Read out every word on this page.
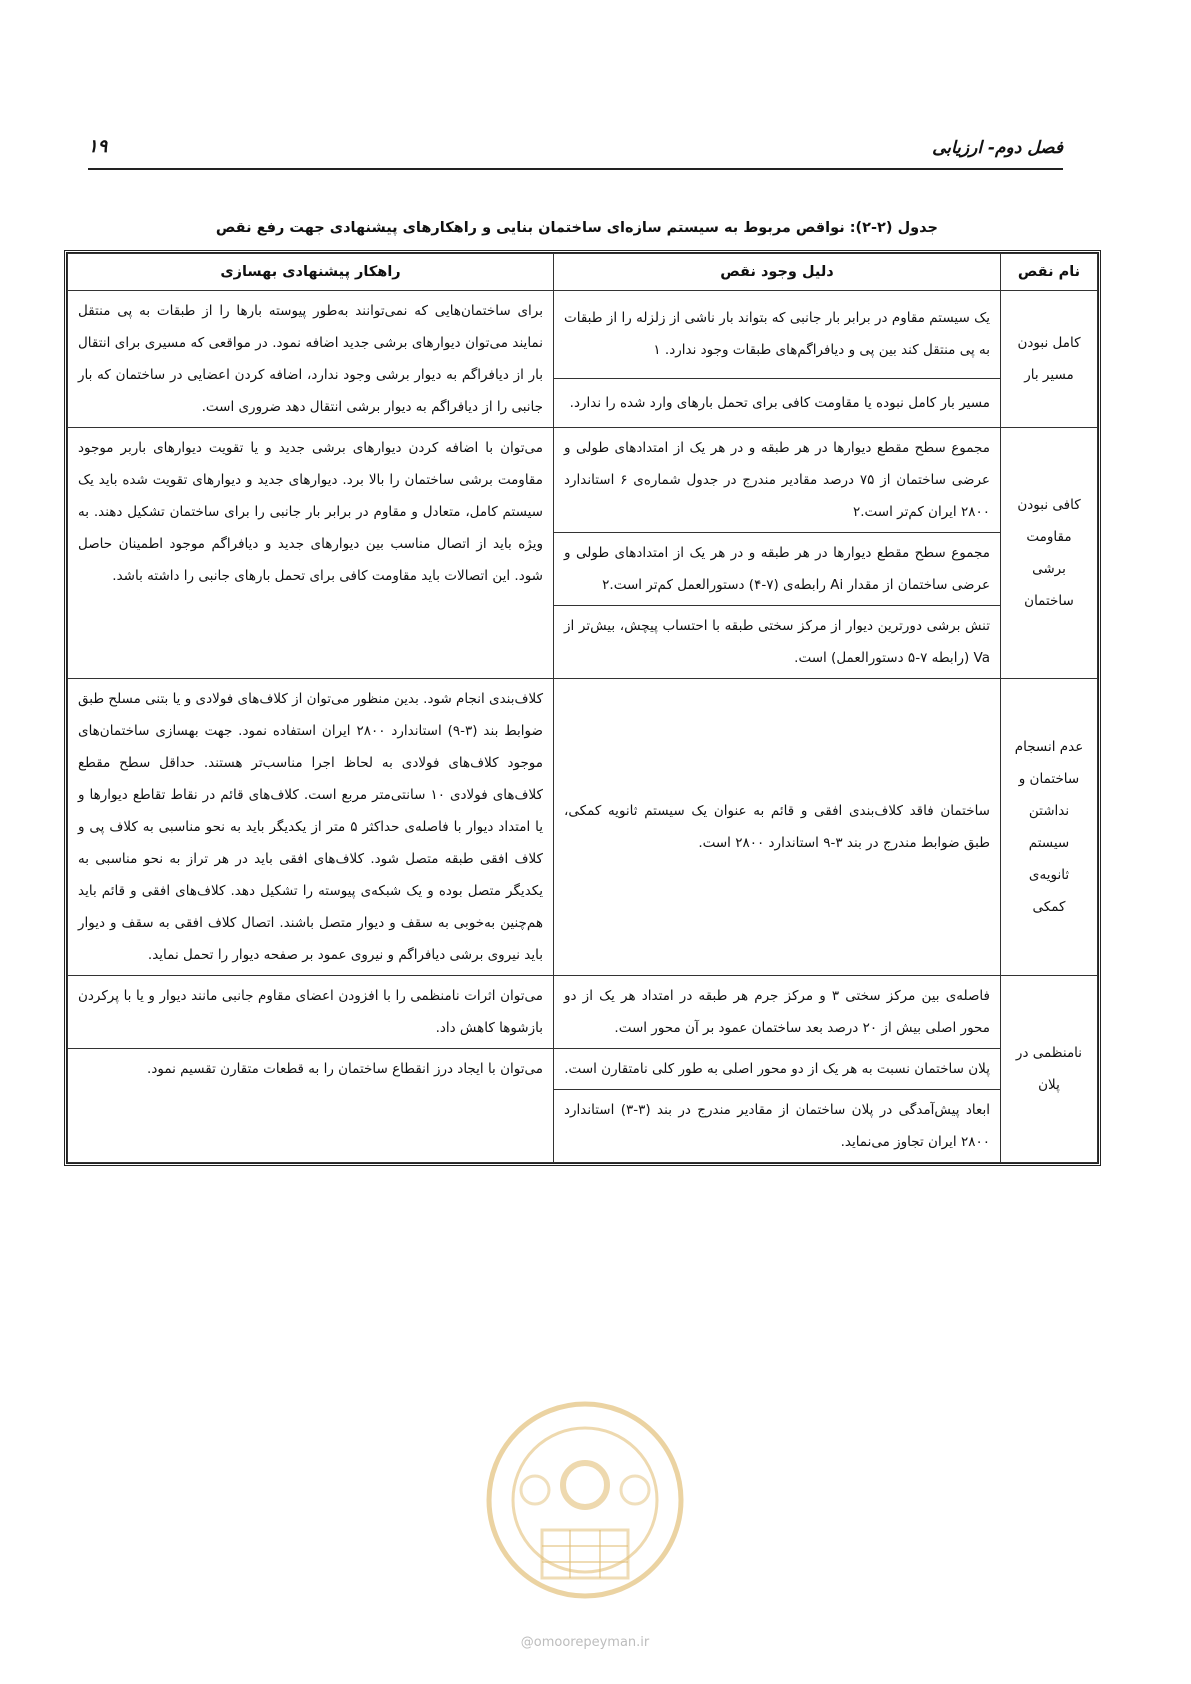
فصل دوم- ارزیابی
۱۹
جدول (۲-۲): نواقص مربوط به سیستم سازه‌ای ساختمان بنایی و راهکارهای پیشنهادی جهت رفع نقص
نام نقص	دلیل وجود نقص	راهکار پیشنهادی بهسازی
کامل نبودن مسیر بار	یک سیستم مقاوم در برابر بار جانبی که بتواند بار ناشی از زلزله را از طبقات به پی منتقل کند بین پی و دیافراگم‌های طبقات وجود ندارد. ۱	برای ساختمان‌هایی که نمی‌توانند به‌طور پیوسته بارها را از طبقات به پی منتقل نمایند می‌توان دیوارهای برشی جدید اضافه نمود. در مواقعی که مسیری برای انتقال بار از دیافراگم به دیوار برشی وجود ندارد، اضافه کردن اعضایی در ساختمان که بار جانبی را از دیافراگم به دیوار برشی انتقال دهد ضروری است.
	مسیر بار کامل نبوده یا مقاومت کافی برای تحمل بارهای وارد شده را ندارد.	
کافی نبودن مقاومت برشی ساختمان	مجموع سطح مقطع دیوارها در هر طبقه و در هر یک از امتدادهای طولی و عرضی ساختمان از ۷۵ درصد مقادیر مندرج در جدول شماره‌ی ۶ استاندارد ۲۸۰۰ ایران کم‌تر است.۲	می‌توان با اضافه کردن دیوارهای برشی جدید و یا تقویت دیوارهای باربر موجود مقاومت برشی ساختمان را بالا برد. دیوارهای جدید و دیوارهای تقویت شده باید یک سیستم کامل، متعادل و مقاوم در برابر بار جانبی را برای ساختمان تشکیل دهند. به ویژه باید از اتصال مناسب بین دیوارهای جدید و دیافراگم موجود اطمینان حاصل شود. این اتصالات باید مقاومت کافی برای تحمل بارهای جانبی را داشته باشد.
	مجموع سطح مقطع دیوارها در هر طبقه و در هر یک از امتدادهای طولی و عرضی ساختمان از مقدار Ai رابطه‌ی (۷-۴) دستورالعمل کم‌تر است.۲	
	تنش برشی دورترین دیوار از مرکز سختی طبقه با احتساب پیچش، بیش‌تر از Va (رابطه ۷-۵ دستورالعمل) است.	
عدم انسجام ساختمان و نداشتن سیستم ثانویه‌ی کمکی	ساختمان فاقد کلاف‌بندی افقی و قائم به عنوان یک سیستم ثانویه کمکی، طبق ضوابط مندرج در بند ۳-۹ استاندارد ۲۸۰۰ است.	کلاف‌بندی انجام شود. بدین منظور می‌توان از کلاف‌های فولادی و یا بتنی مسلح طبق ضوابط بند (۳-۹) استاندارد ۲۸۰۰ ایران استفاده نمود. جهت بهسازی ساختمان‌های موجود کلاف‌های فولادی به لحاظ اجرا مناسب‌تر هستند. حداقل سطح مقطع کلاف‌های فولادی ۱۰ سانتی‌متر مربع است. کلاف‌های قائم در نقاط تقاطع دیوارها و یا امتداد دیوار با فاصله‌ی حداکثر ۵ متر از یکدیگر باید به نحو مناسبی به کلاف پی و کلاف افقی طبقه متصل شود. کلاف‌های افقی باید در هر تراز به نحو مناسبی به یکدیگر متصل بوده و یک شبکه‌ی پیوسته را تشکیل دهد. کلاف‌های افقی و قائم باید هم‌چنین به‌خوبی به سقف و دیوار متصل باشند. اتصال کلاف افقی به سقف و دیوار باید نیروی برشی دیافراگم و نیروی عمود بر صفحه دیوار را تحمل نماید.
نامنظمی در پلان	فاصله‌ی بین مرکز سختی ۳ و مرکز جرم هر طبقه در امتداد هر یک از دو محور اصلی بیش از ۲۰ درصد بعد ساختمان عمود بر آن محور است.	می‌توان اثرات نامنظمی را با افزودن اعضای مقاوم جانبی مانند دیوار و یا با پرکردن بازشوها کاهش داد.
	پلان ساختمان نسبت به هر یک از دو محور اصلی به طور کلی نامتقارن است.	می‌توان با ایجاد درز انقطاع ساختمان را به قطعات متقارن تقسیم نمود.
	ابعاد پیش‌آمدگی در پلان ساختمان از مقادیر مندرج در بند (۳-۳) استاندارد ۲۸۰۰ ایران تجاوز می‌نماید.	
@omoorepeyman.ir
